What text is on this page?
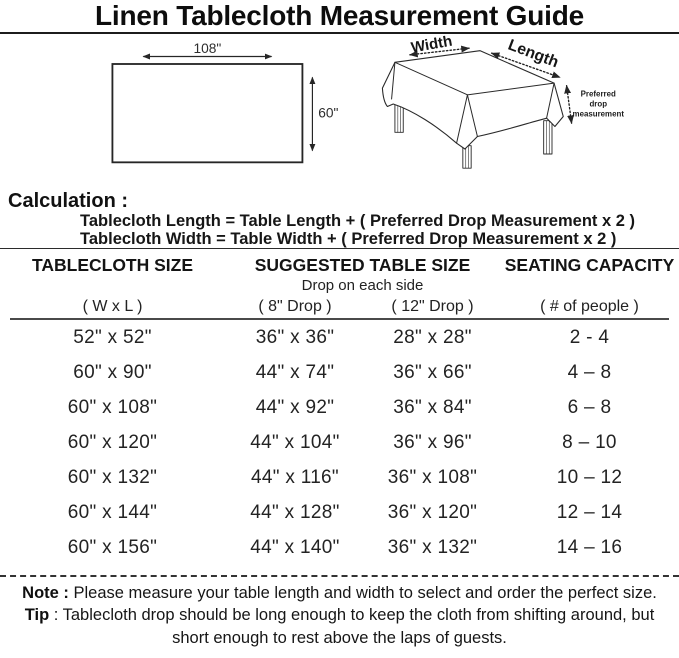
Linen Tablecloth Measurement Guide
108"
60"
Width	Length
Preferred
drop
measurement
Calculation :
Tablecloth Length = Table Length + ( Preferred Drop Measurement x 2 )
Tablecloth Width = Table Width + ( Preferred Drop Measurement x 2 )
TABLECLOTH SIZE	SUGGESTED TABLE SIZE	SEATING CAPACITY
Drop on each side
( W x L )	( 8" Drop )	( 12" Drop )	( # of people )
52" x 52"	36" x 36"	28" x 28"	2 - 4
60" x 90"	44" x 74"	36" x 66"	4 – 8
60" x 108"	44" x 92"	36" x 84"	6 – 8
60" x 120"	44" x 104"	36" x 96"	8 – 10
60" x 132"	44" x 116"	36" x 108"	10 – 12
60" x 144"	44" x 128"	36" x 120"	12 – 14
60" x 156"	44" x 140"	36" x 132"	14 – 16
Note : Please measure your table length and width to select and order the perfect size.
Tip : Tablecloth drop should be long enough to keep the cloth from shifting around, but
short enough to rest above the laps of guests.
